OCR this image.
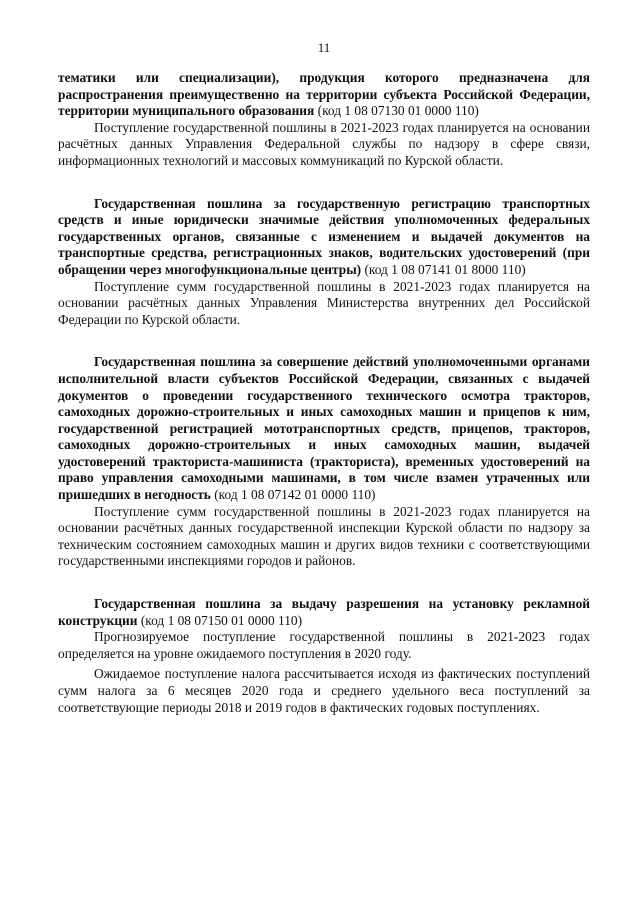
11

тематики или специализации), продукция которого предназначена для распространения преимущественно на территории субъекта Российской Федерации, территории муниципального образования (код 1 08 07130 01 0000 110)

Поступление государственной пошлины в 2021-2023 годах планируется на основании расчётных данных Управления Федеральной службы по надзору в сфере связи, информационных технологий и массовых коммуникаций по Курской области.

Государственная пошлина за государственную регистрацию транспортных средств и иные юридически значимые действия уполномоченных федеральных государственных органов, связанные с изменением и выдачей документов на транспортные средства, регистрационных знаков, водительских удостоверений (при обращении через многофункциональные центры) (код 1 08 07141 01 8000 110)

Поступление сумм государственной пошлины в 2021-2023 годах планируется на основании расчётных данных Управления Министерства внутренних дел Российской Федерации по Курской области.

Государственная пошлина за совершение действий уполномоченными органами исполнительной власти субъектов Российской Федерации, связанных с выдачей документов о проведении государственного технического осмотра тракторов, самоходных дорожно-строительных и иных самоходных машин и прицепов к ним, государственной регистрацией мототранспортных средств, прицепов, тракторов, самоходных дорожно-строительных и иных самоходных машин, выдачей удостоверений тракториста-машиниста (тракториста), временных удостоверений на право управления самоходными машинами, в том числе взамен утраченных или пришедших в негодность (код 1 08 07142 01 0000 110)

Поступление сумм государственной пошлины в 2021-2023 годах планируется на основании расчётных данных государственной инспекции Курской области по надзору за техническим состоянием самоходных машин и других видов техники с соответствующими государственными инспекциями городов и районов.

Государственная пошлина за выдачу разрешения на установку рекламной конструкции (код 1 08 07150 01 0000 110)

Прогнозируемое поступление государственной пошлины в 2021-2023 годах определяется на уровне ожидаемого поступления в 2020 году.

Ожидаемое поступление налога рассчитывается исходя из фактических поступлений сумм налога за 6 месяцев 2020 года и среднего удельного веса поступлений за соответствующие периоды 2018 и 2019 годов в фактических годовых поступлениях.
